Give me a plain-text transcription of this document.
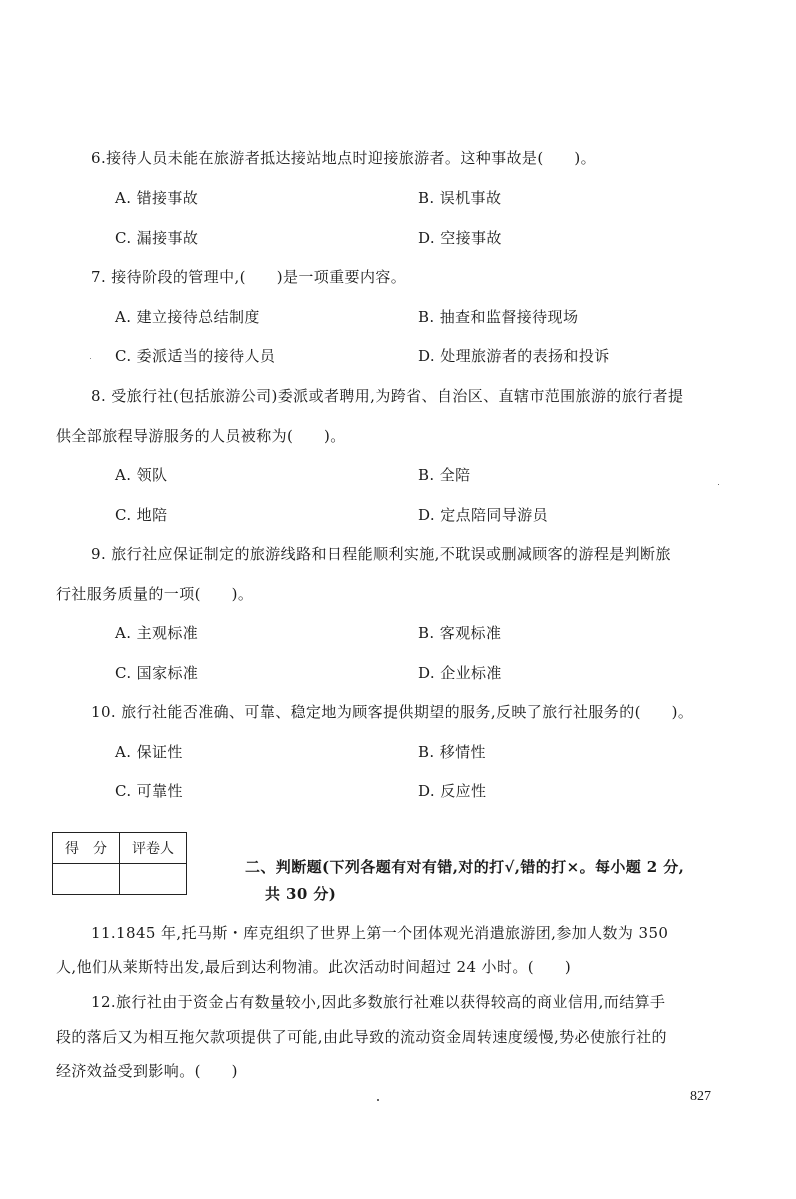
6.接待人员未能在旅游者抵达接站地点时迎接旅游者。这种事故是(　　)。
A. 错接事故	B. 误机事故
C. 漏接事故	D. 空接事故
7. 接待阶段的管理中,(　　)是一项重要内容。
A. 建立接待总结制度	B. 抽查和监督接待现场
C. 委派适当的接待人员	D. 处理旅游者的表扬和投诉
8. 受旅行社(包括旅游公司)委派或者聘用,为跨省、自治区、直辖市范围旅游的旅行者提
供全部旅程导游服务的人员被称为(　　)。
A. 领队	B. 全陪
C. 地陪	D. 定点陪同导游员
9. 旅行社应保证制定的旅游线路和日程能顺利实施,不耽误或删减顾客的游程是判断旅
行社服务质量的一项(　　)。
A. 主观标准	B. 客观标准
C. 国家标准	D. 企业标准
10. 旅行社能否准确、可靠、稳定地为顾客提供期望的服务,反映了旅行社服务的(　　)。
A. 保证性	B. 移情性
C. 可靠性	D. 反应性
得　分	评卷人

二、判断题(下列各题有对有错,对的打√,错的打×。每小题 2 分,
共 30 分)
11.1845 年,托马斯・库克组织了世界上第一个团体观光消遣旅游团,参加人数为 350
人,他们从莱斯特出发,最后到达利物浦。此次活动时间超过 24 小时。(　　)
12.旅行社由于资金占有数量较小,因此多数旅行社难以获得较高的商业信用,而结算手
段的落后又为相互拖欠款项提供了可能,由此导致的流动资金周转速度缓慢,势必使旅行社的
经济效益受到影响。(　　)
827
